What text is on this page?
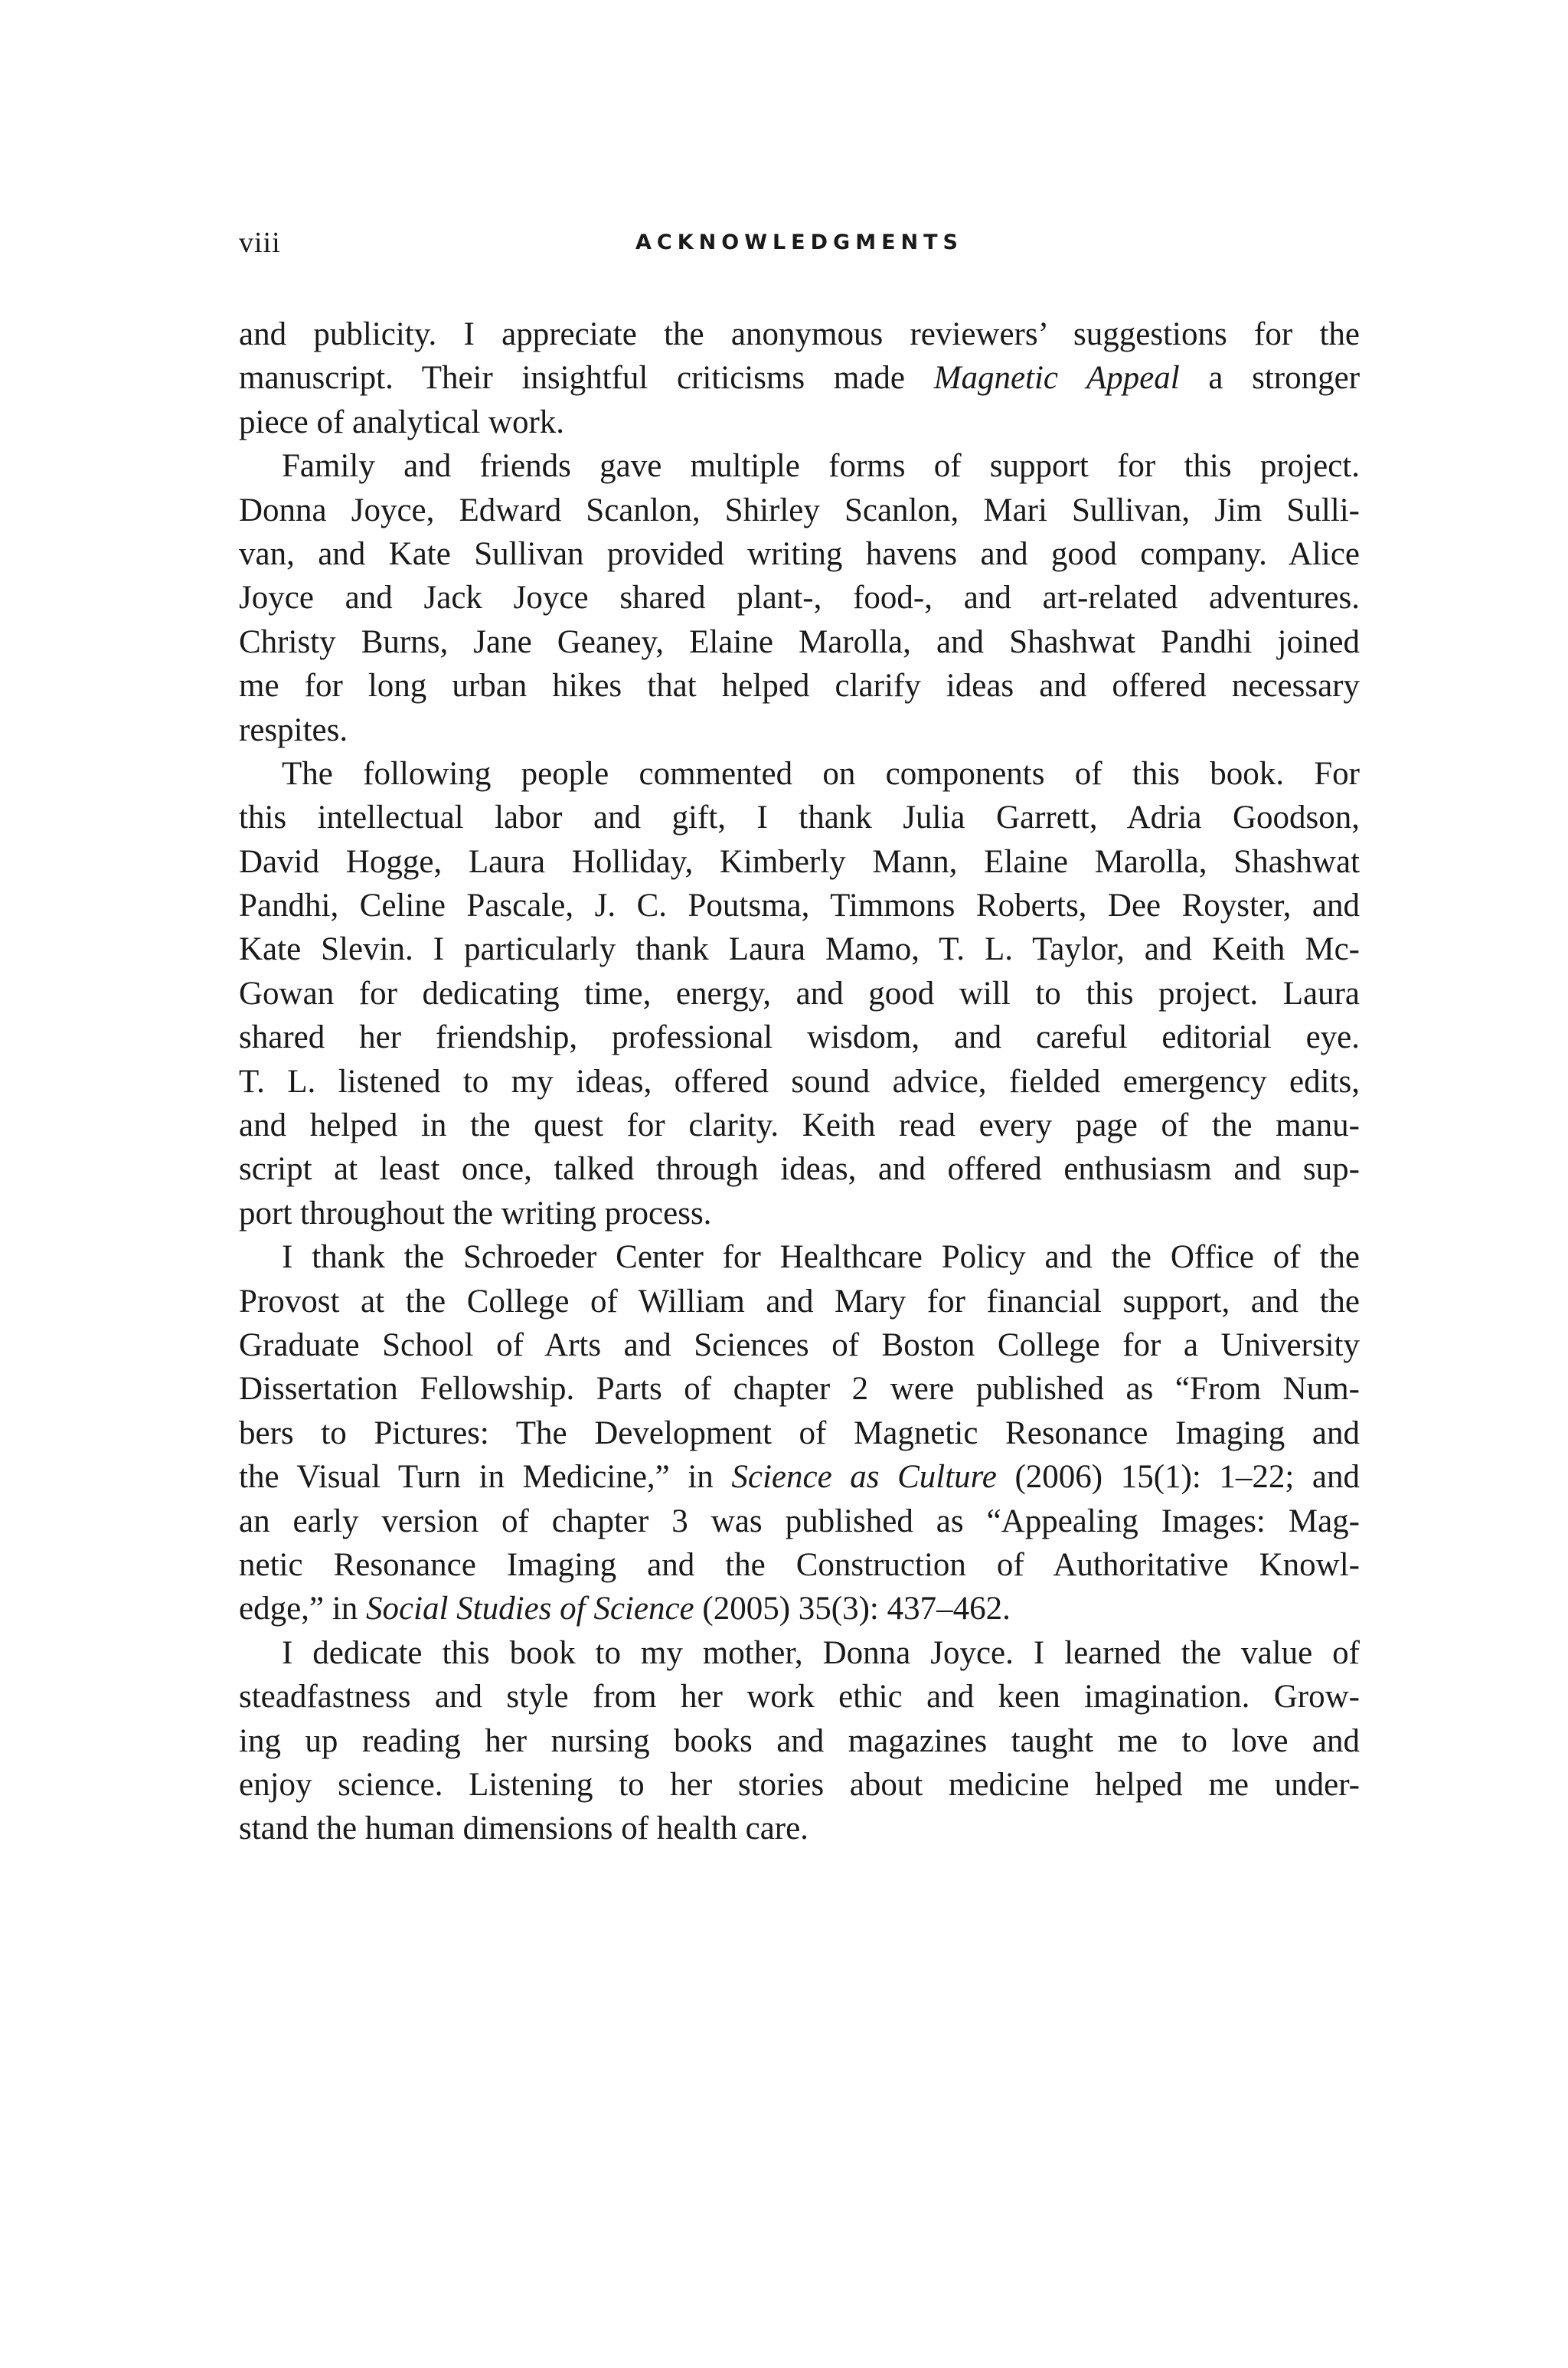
viii	ACKNOWLEDGMENTS
and publicity. I appreciate the anonymous reviewers’ suggestions for the
manuscript. Their insightful criticisms made Magnetic Appeal a stronger
piece of analytical work.
Family and friends gave multiple forms of support for this project.
Donna Joyce, Edward Scanlon, Shirley Scanlon, Mari Sullivan, Jim Sulli-
van, and Kate Sullivan provided writing havens and good company. Alice
Joyce and Jack Joyce shared plant-, food-, and art-related adventures.
Christy Burns, Jane Geaney, Elaine Marolla, and Shashwat Pandhi joined
me for long urban hikes that helped clarify ideas and offered necessary
respites.
The following people commented on components of this book. For
this intellectual labor and gift, I thank Julia Garrett, Adria Goodson,
David Hogge, Laura Holliday, Kimberly Mann, Elaine Marolla, Shashwat
Pandhi, Celine Pascale, J. C. Poutsma, Timmons Roberts, Dee Royster, and
Kate Slevin. I particularly thank Laura Mamo, T. L. Taylor, and Keith Mc-
Gowan for dedicating time, energy, and good will to this project. Laura
shared her friendship, professional wisdom, and careful editorial eye.
T. L. listened to my ideas, offered sound advice, fielded emergency edits,
and helped in the quest for clarity. Keith read every page of the manu-
script at least once, talked through ideas, and offered enthusiasm and sup-
port throughout the writing process.
I thank the Schroeder Center for Healthcare Policy and the Office of the
Provost at the College of William and Mary for financial support, and the
Graduate School of Arts and Sciences of Boston College for a University
Dissertation Fellowship. Parts of chapter 2 were published as “From Num-
bers to Pictures: The Development of Magnetic Resonance Imaging and
the Visual Turn in Medicine,” in Science as Culture (2006) 15(1): 1–22; and
an early version of chapter 3 was published as “Appealing Images: Mag-
netic Resonance Imaging and the Construction of Authoritative Knowl-
edge,” in Social Studies of Science (2005) 35(3): 437–462.
I dedicate this book to my mother, Donna Joyce. I learned the value of
steadfastness and style from her work ethic and keen imagination. Grow-
ing up reading her nursing books and magazines taught me to love and
enjoy science. Listening to her stories about medicine helped me under-
stand the human dimensions of health care.
